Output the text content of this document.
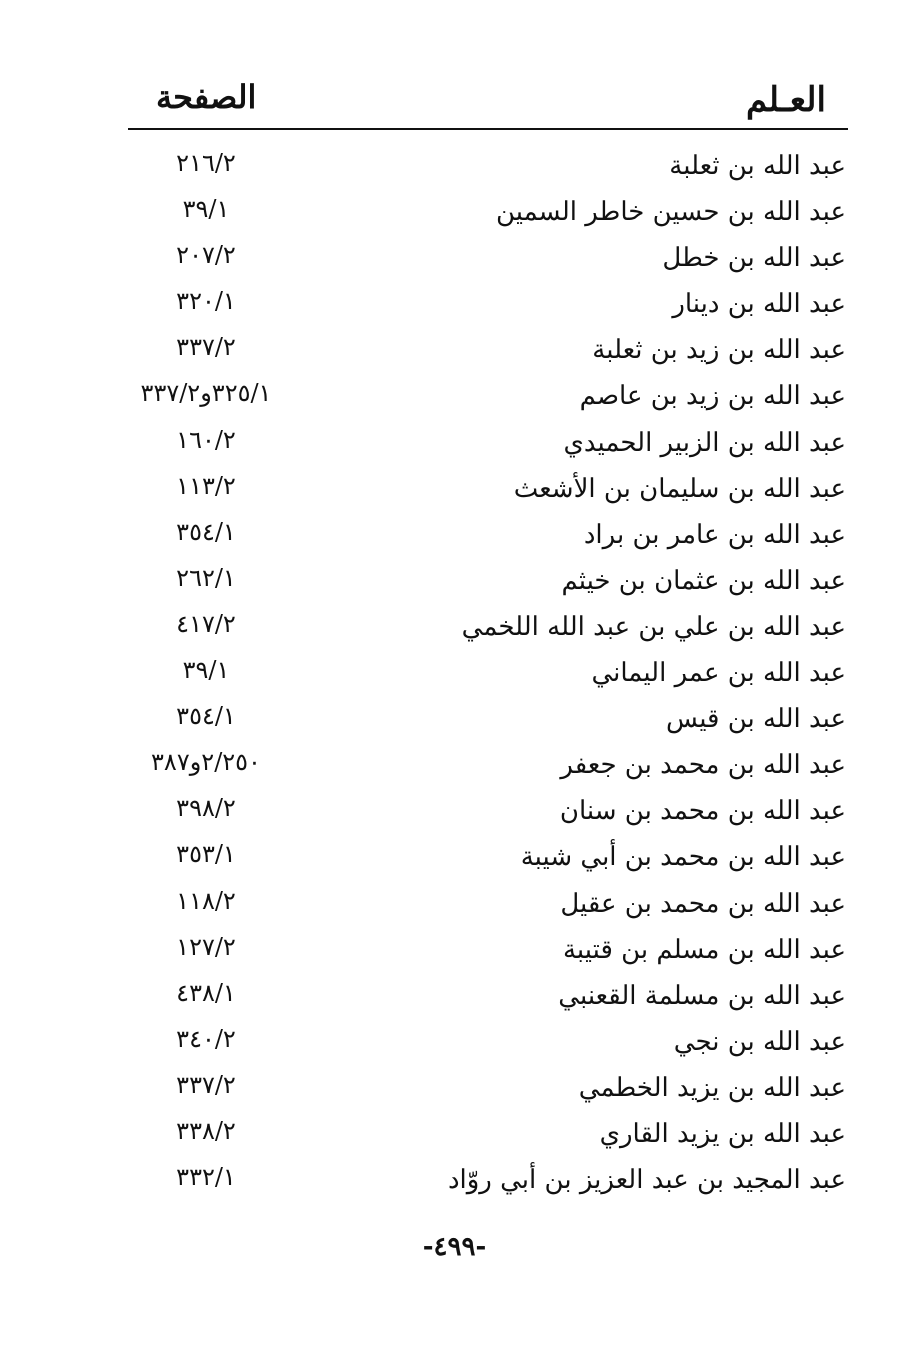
العـلم
الصفحة
عبد الله بن ثعلبة
٢١٦/٢
عبد الله بن حسين خاطر السمين
٣٩/١
عبد الله بن خطل
٢٠٧/٢
عبد الله بن دينار
٣٢٠/١
عبد الله بن زيد بن ثعلبة
٣٣٧/٢
عبد الله بن زيد بن عاصم
٣٢٥/١و٣٣٧/٢
عبد الله بن الزبير الحميدي
١٦٠/٢
عبد الله بن سليمان بن الأشعث
١١٣/٢
عبد الله بن عامر بن براد
٣٥٤/١
عبد الله بن عثمان بن خيثم
٢٦٢/١
عبد الله بن علي بن عبد الله اللخمي
٤١٧/٢
عبد الله بن عمر اليماني
٣٩/١
عبد الله بن قيس
٣٥٤/١
عبد الله بن محمد بن جعفر
٢/٢٥٠و٣٨٧
عبد الله بن محمد بن سنان
٣٩٨/٢
عبد الله بن محمد بن أبي شيبة
٣٥٣/١
عبد الله بن محمد بن عقيل
١١٨/٢
عبد الله بن مسلم بن قتيبة
١٢٧/٢
عبد الله بن مسلمة القعنبي
٤٣٨/١
عبد الله بن نجي
٣٤٠/٢
عبد الله بن يزيد الخطمي
٣٣٧/٢
عبد الله بن يزيد القاري
٣٣٨/٢
عبد المجيد بن عبد العزيز بن أبي روّاد
٣٣٢/١
-٤٩٩-
